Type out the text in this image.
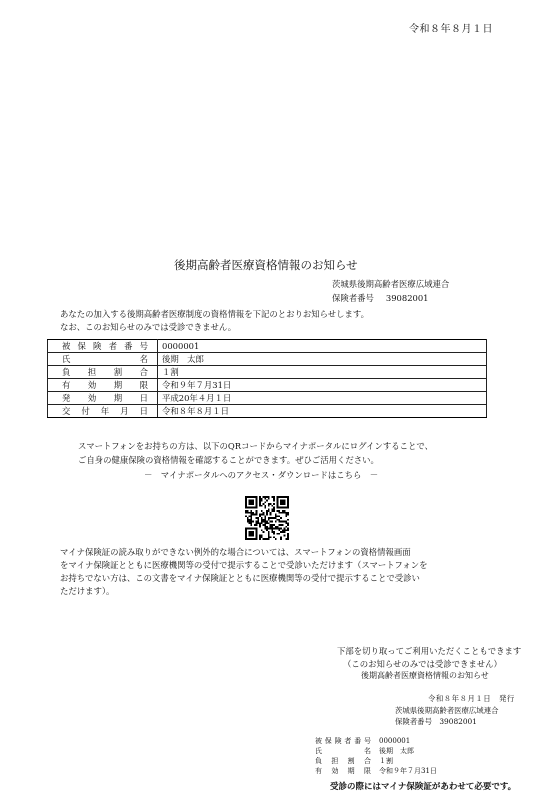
令和８年８月１日
後期高齢者医療資格情報のお知らせ
茨城県後期高齢者医療広域連合
保険者番号 39082001
あなたの加入する後期高齢者医療制度の資格情報を下記のとおりお知らせします。
なお、このお知らせのみでは受診できません。
被保険者番号	0000001
氏名	後期　太郎
負担割合	１割
有効期限	令和９年７月31日
発効期日	平成20年４月１日
交付年月日	令和８年８月１日
スマートフォンをお持ちの方は、以下のQRコードからマイナポータルにログインすることで、
ご自身の健康保険の資格情報を確認することができます。ぜひご活用ください。
－　マイナポータルへのアクセス・ダウンロードはこちら　－
マイナ保険証の読み取りができない例外的な場合については、スマートフォンの資格情報画面
をマイナ保険証とともに医療機関等の受付で提示することで受診いただけます（スマートフォンを
お持ちでない方は、この文書をマイナ保険証とともに医療機関等の受付で提示することで受診い
ただけます）。
下部を切り取ってご利用いただくこともできます
（このお知らせのみでは受診できません）
後期高齢者医療資格情報のお知らせ
令和８年８月１日　発行
茨城県後期高齢者医療広域連合
保険者番号　39082001
被保険者番号	0000001
氏名	後期　太郎
負担割合	１割
有効期限	令和９年７月31日
受診の際にはマイナ保険証があわせて必要です。
